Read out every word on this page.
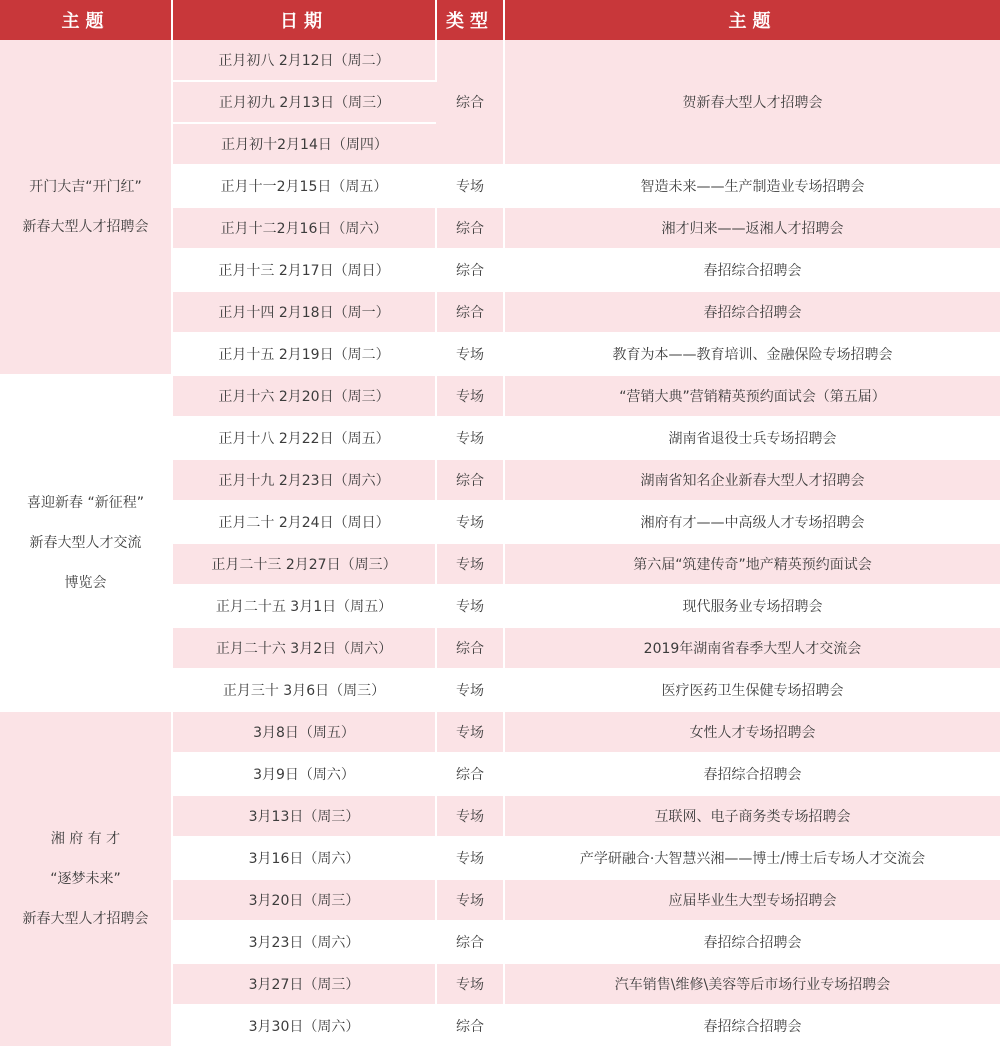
主题	日期	类型	主题

开门大吉“开门红”
新春大型人才招聘会	正月初八 2月12日（周二）	综合	贺新春大型人才招聘会
	正月初九 2月13日（周三）		
	正月初十2月14日（周四）		
	正月十一2月15日（周五）	专场	智造未来——生产制造业专场招聘会
	正月十二2月16日（周六）	综合	湘才归来——返湘人才招聘会
	正月十三 2月17日（周日）	综合	春招综合招聘会
	正月十四 2月18日（周一）	综合	春招综合招聘会
	正月十五 2月19日（周二）	专场	教育为本——教育培训、金融保险专场招聘会

喜迎新春 “新征程”
新春大型人才交流
博览会	正月十六 2月20日（周三）	专场	“营销大典”营销精英预约面试会（第五届）
	正月十八 2月22日（周五）	专场	湖南省退役士兵专场招聘会
	正月十九 2月23日（周六）	综合	湖南省知名企业新春大型人才招聘会
	正月二十 2月24日（周日）	专场	湘府有才——中高级人才专场招聘会
	正月二十三 2月27日（周三）	专场	第六届“筑建传奇”地产精英预约面试会
	正月二十五 3月1日（周五）	专场	现代服务业专场招聘会
	正月二十六 3月2日（周六）	综合	2019年湖南省春季大型人才交流会
	正月三十 3月6日（周三）	专场	医疗医药卫生保健专场招聘会

湘 府 有 才
“逐梦未来”
新春大型人才招聘会	3月8日（周五）	专场	女性人才专场招聘会
	3月9日（周六）	综合	春招综合招聘会
	3月13日（周三）	专场	互联网、电子商务类专场招聘会
	3月16日（周六）	专场	产学研融合·大智慧兴湘——博士/博士后专场人才交流会
	3月20日（周三）	专场	应届毕业生大型专场招聘会
	3月23日（周六）	综合	春招综合招聘会
	3月27日（周三）	专场	汽车销售\维修\美容等后市场行业专场招聘会
	3月30日（周六）	综合	春招综合招聘会
